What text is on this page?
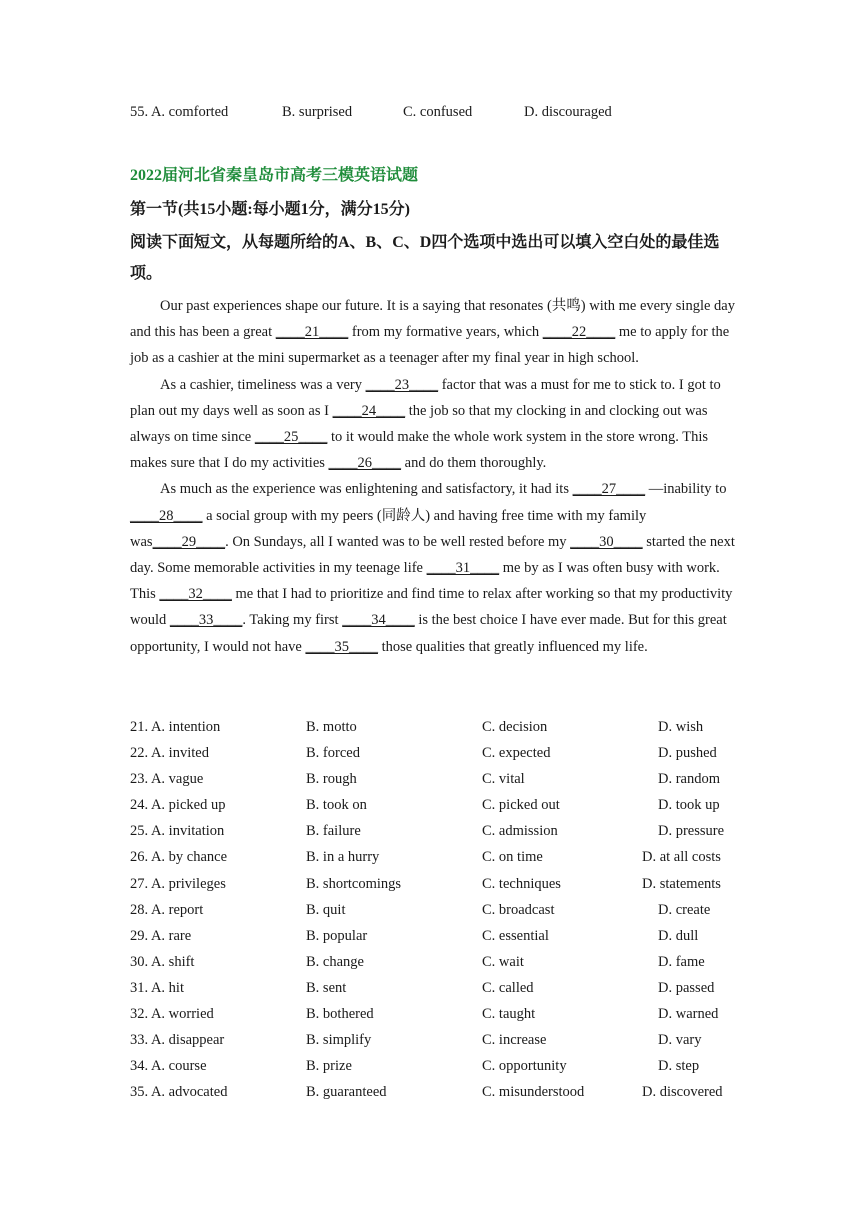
55. A. comforted	B. surprised	C. confused	D. discouraged
2022届河北省秦皇岛市高考三模英语试题
第一节(共15小题:每小题1分，满分15分)
阅读下面短文，从每题所给的A、B、C、D四个选项中选出可以填入空白处的最佳选项。

Our past experiences shape our future. It is a saying that resonates (共鸣) with me every single day and this has been a great ____21____ from my formative years, which ____22____ me to apply for the job as a cashier at the mini supermarket as a teenager after my final year in high school.

As a cashier, timeliness was a very ____23____ factor that was a must for me to stick to. I got to plan out my days well as soon as I ____24____ the job so that my clocking in and clocking out was always on time since ____25____ to it would make the whole work system in the store wrong. This makes sure that I do my activities ____26____ and do them thoroughly.

As much as the experience was enlightening and satisfactory, it had its ____27____ —inability to ____28____ a social group with my peers (同龄人) and having free time with my family was____29____. On Sundays, all I wanted was to be well rested before my ____30____ started the next day. Some memorable activities in my teenage life ____31____ me by as I was often busy with work. This ____32____ me that I had to prioritize and find time to relax after working so that my productivity would ____33____. Taking my first ____34____ is the best choice I have ever made. But for this great opportunity, I would not have ____35____ those qualities that greatly influenced my life.

21. A. intention	B. motto	C. decision	D. wish
22. A. invited	B. forced	C. expected	D. pushed
23. A. vague	B. rough	C. vital	D. random
24. A. picked up	B. took on	C. picked out	D. took up
25. A. invitation	B. failure	C. admission	D. pressure
26. A. by chance	B. in a hurry	C. on time	D. at all costs
27. A. privileges	B. shortcomings	C. techniques	D. statements
28. A. report	B. quit	C. broadcast	D. create
29. A. rare	B. popular	C. essential	D. dull
30. A. shift	B. change	C. wait	D. fame
31. A. hit	B. sent	C. called	D. passed
32. A. worried	B. bothered	C. taught	D. warned
33. A. disappear	B. simplify	C. increase	D. vary
34. A. course	B. prize	C. opportunity	D. step
35. A. advocated	B. guaranteed	C. misunderstood	D. discovered
